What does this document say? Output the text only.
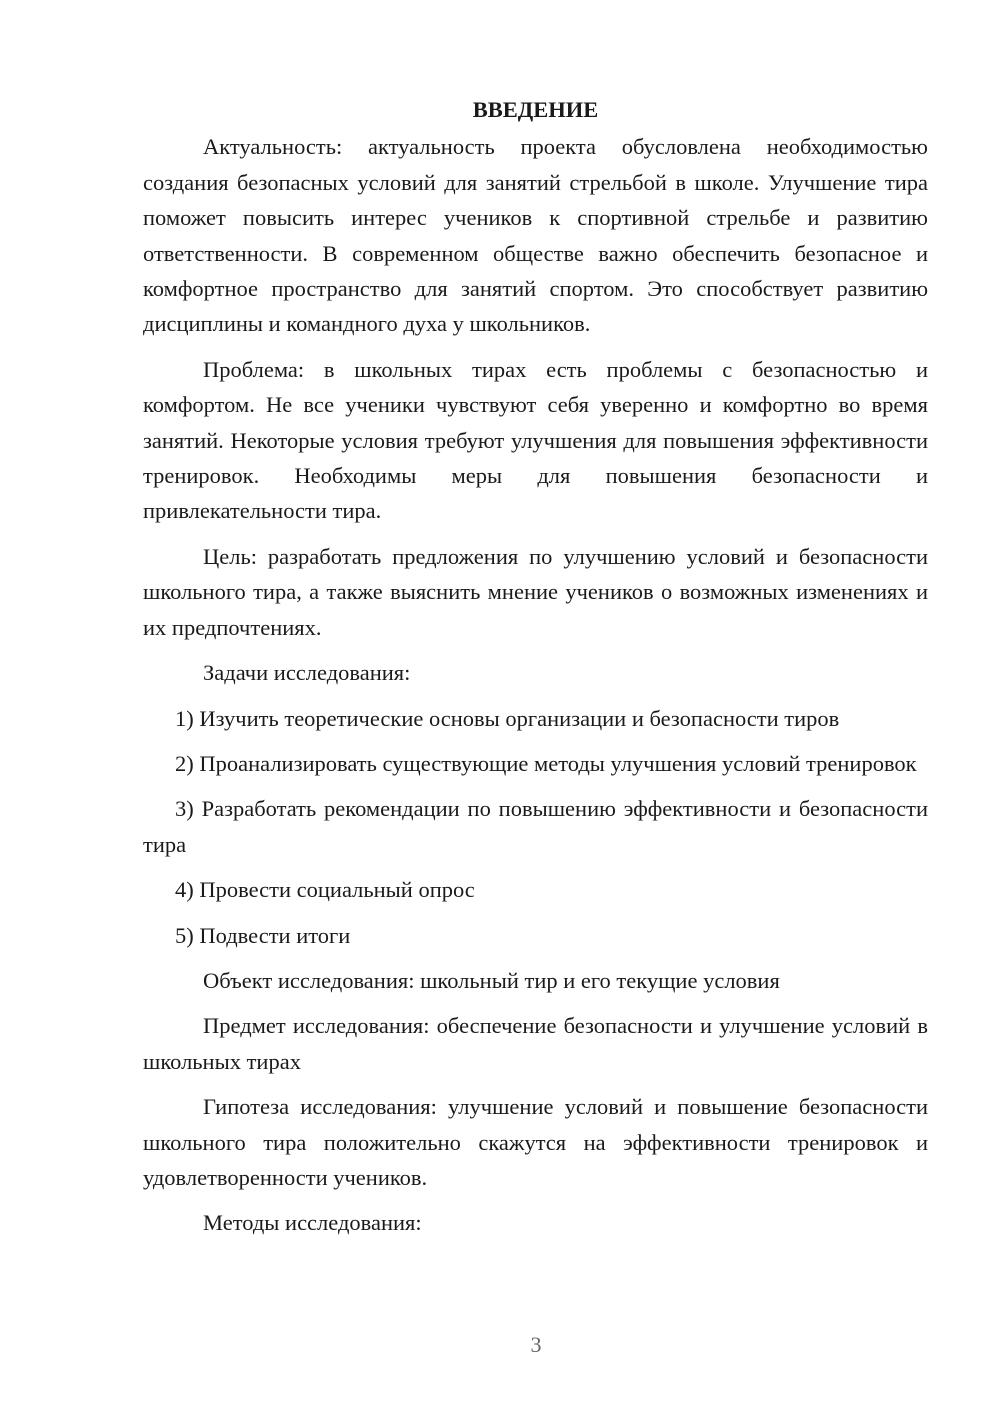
ВВЕДЕНИЕ

Актуальность: актуальность проекта обусловлена необходимостью создания безопасных условий для занятий стрельбой в школе. Улучшение тира поможет повысить интерес учеников к спортивной стрельбе и развитию ответственности. В современном обществе важно обеспечить безопасное и комфортное пространство для занятий спортом. Это способствует развитию дисциплины и командного духа у школьников.

Проблема: в школьных тирах есть проблемы с безопасностью и комфортом. Не все ученики чувствуют себя уверенно и комфортно во время занятий. Некоторые условия требуют улучшения для повышения эффективности тренировок. Необходимы меры для повышения безопасности и привлекательности тира.

Цель: разработать предложения по улучшению условий и безопасности школьного тира, а также выяснить мнение учеников о возможных изменениях и их предпочтениях.

Задачи исследования:

1) Изучить теоретические основы организации и безопасности тиров

2) Проанализировать существующие методы улучшения условий тренировок

3) Разработать рекомендации по повышению эффективности и безопасности тира

4) Провести социальный опрос

5) Подвести итоги

Объект исследования: школьный тир и его текущие условия

Предмет исследования: обеспечение безопасности и улучшение условий в школьных тирах

Гипотеза исследования: улучшение условий и повышение безопасности школьного тира положительно скажутся на эффективности тренировок и удовлетворенности учеников.

Методы исследования:

3
